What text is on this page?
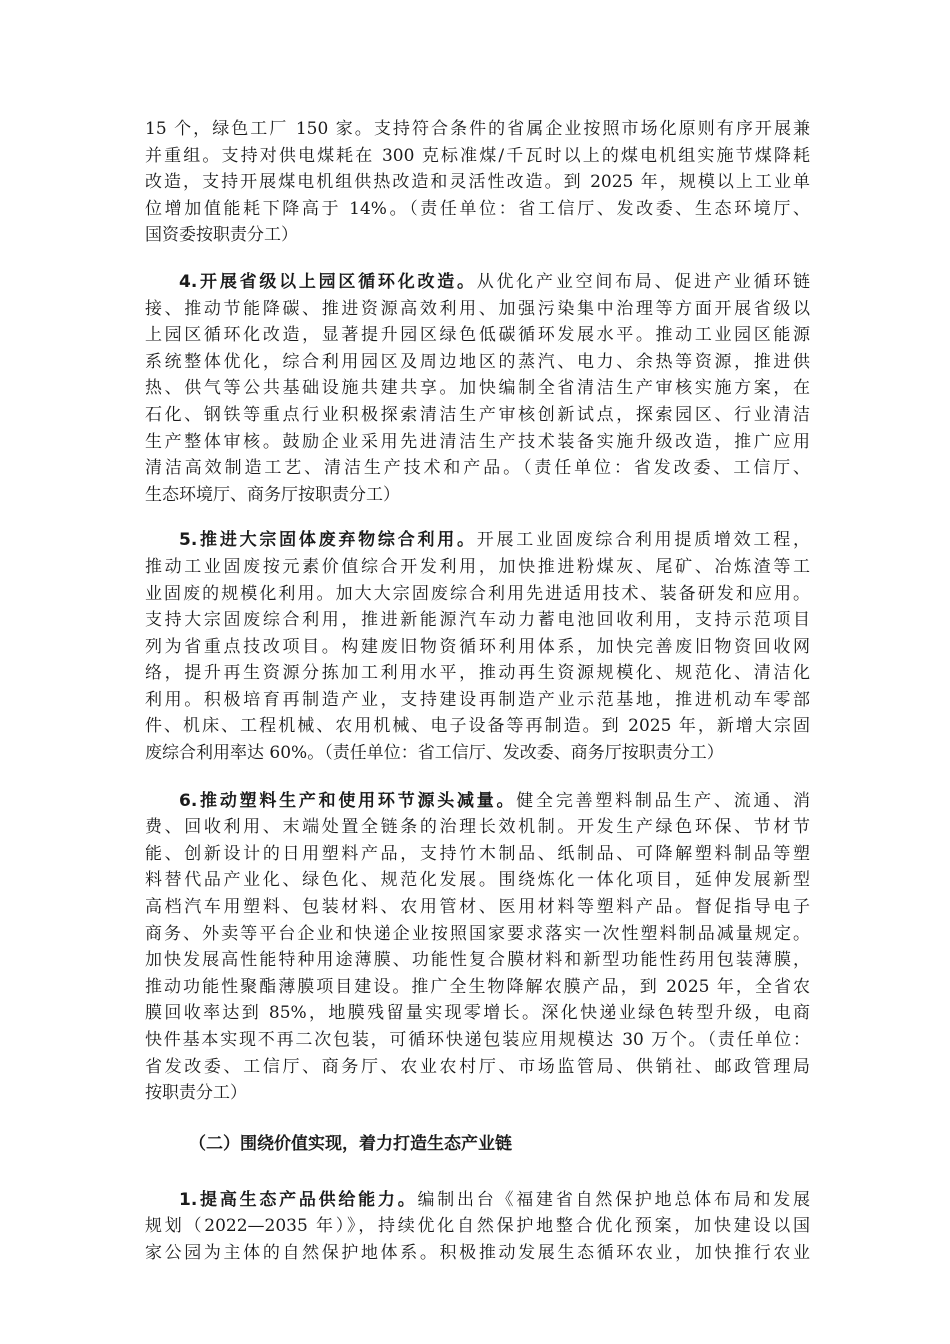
15 个，绿色工厂 150 家。支持符合条件的省属企业按照市场化原则有序开展兼
并重组。支持对供电煤耗在 300 克标准煤/千瓦时以上的煤电机组实施节煤降耗
改造，支持开展煤电机组供热改造和灵活性改造。到 2025 年，规模以上工业单
位增加值能耗下降高于 14%。（责任单位：省工信厅、发改委、生态环境厅、
国资委按职责分工）
4.开展省级以上园区循环化改造。从优化产业空间布局、促进产业循环链
接、推动节能降碳、推进资源高效利用、加强污染集中治理等方面开展省级以
上园区循环化改造，显著提升园区绿色低碳循环发展水平。推动工业园区能源
系统整体优化，综合利用园区及周边地区的蒸汽、电力、余热等资源，推进供
热、供气等公共基础设施共建共享。加快编制全省清洁生产审核实施方案，在
石化、钢铁等重点行业积极探索清洁生产审核创新试点，探索园区、行业清洁
生产整体审核。鼓励企业采用先进清洁生产技术装备实施升级改造，推广应用
清洁高效制造工艺、清洁生产技术和产品。（责任单位：省发改委、工信厅、
生态环境厅、商务厅按职责分工）
5.推进大宗固体废弃物综合利用。开展工业固废综合利用提质增效工程，
推动工业固废按元素价值综合开发利用，加快推进粉煤灰、尾矿、冶炼渣等工
业固废的规模化利用。加大大宗固废综合利用先进适用技术、装备研发和应用。
支持大宗固废综合利用，推进新能源汽车动力蓄电池回收利用，支持示范项目
列为省重点技改项目。构建废旧物资循环利用体系，加快完善废旧物资回收网
络，提升再生资源分拣加工利用水平，推动再生资源规模化、规范化、清洁化
利用。积极培育再制造产业，支持建设再制造产业示范基地，推进机动车零部
件、机床、工程机械、农用机械、电子设备等再制造。到 2025 年，新增大宗固
废综合利用率达 60%。（责任单位：省工信厅、发改委、商务厅按职责分工）
6.推动塑料生产和使用环节源头减量。健全完善塑料制品生产、流通、消
费、回收利用、末端处置全链条的治理长效机制。开发生产绿色环保、节材节
能、创新设计的日用塑料产品，支持竹木制品、纸制品、可降解塑料制品等塑
料替代品产业化、绿色化、规范化发展。围绕炼化一体化项目，延伸发展新型
高档汽车用塑料、包装材料、农用管材、医用材料等塑料产品。督促指导电子
商务、外卖等平台企业和快递企业按照国家要求落实一次性塑料制品减量规定。
加快发展高性能特种用途薄膜、功能性复合膜材料和新型功能性药用包装薄膜，
推动功能性聚酯薄膜项目建设。推广全生物降解农膜产品，到 2025 年，全省农
膜回收率达到 85%，地膜残留量实现零增长。深化快递业绿色转型升级，电商
快件基本实现不再二次包装，可循环快递包装应用规模达 30 万个。（责任单位：
省发改委、工信厅、商务厅、农业农村厅、市场监管局、供销社、邮政管理局
按职责分工）
（二）围绕价值实现，着力打造生态产业链
1.提高生态产品供给能力。编制出台《福建省自然保护地总体布局和发展
规划（2022—2035 年）》，持续优化自然保护地整合优化预案，加快建设以国
家公园为主体的自然保护地体系。积极推动发展生态循环农业，加快推行农业
